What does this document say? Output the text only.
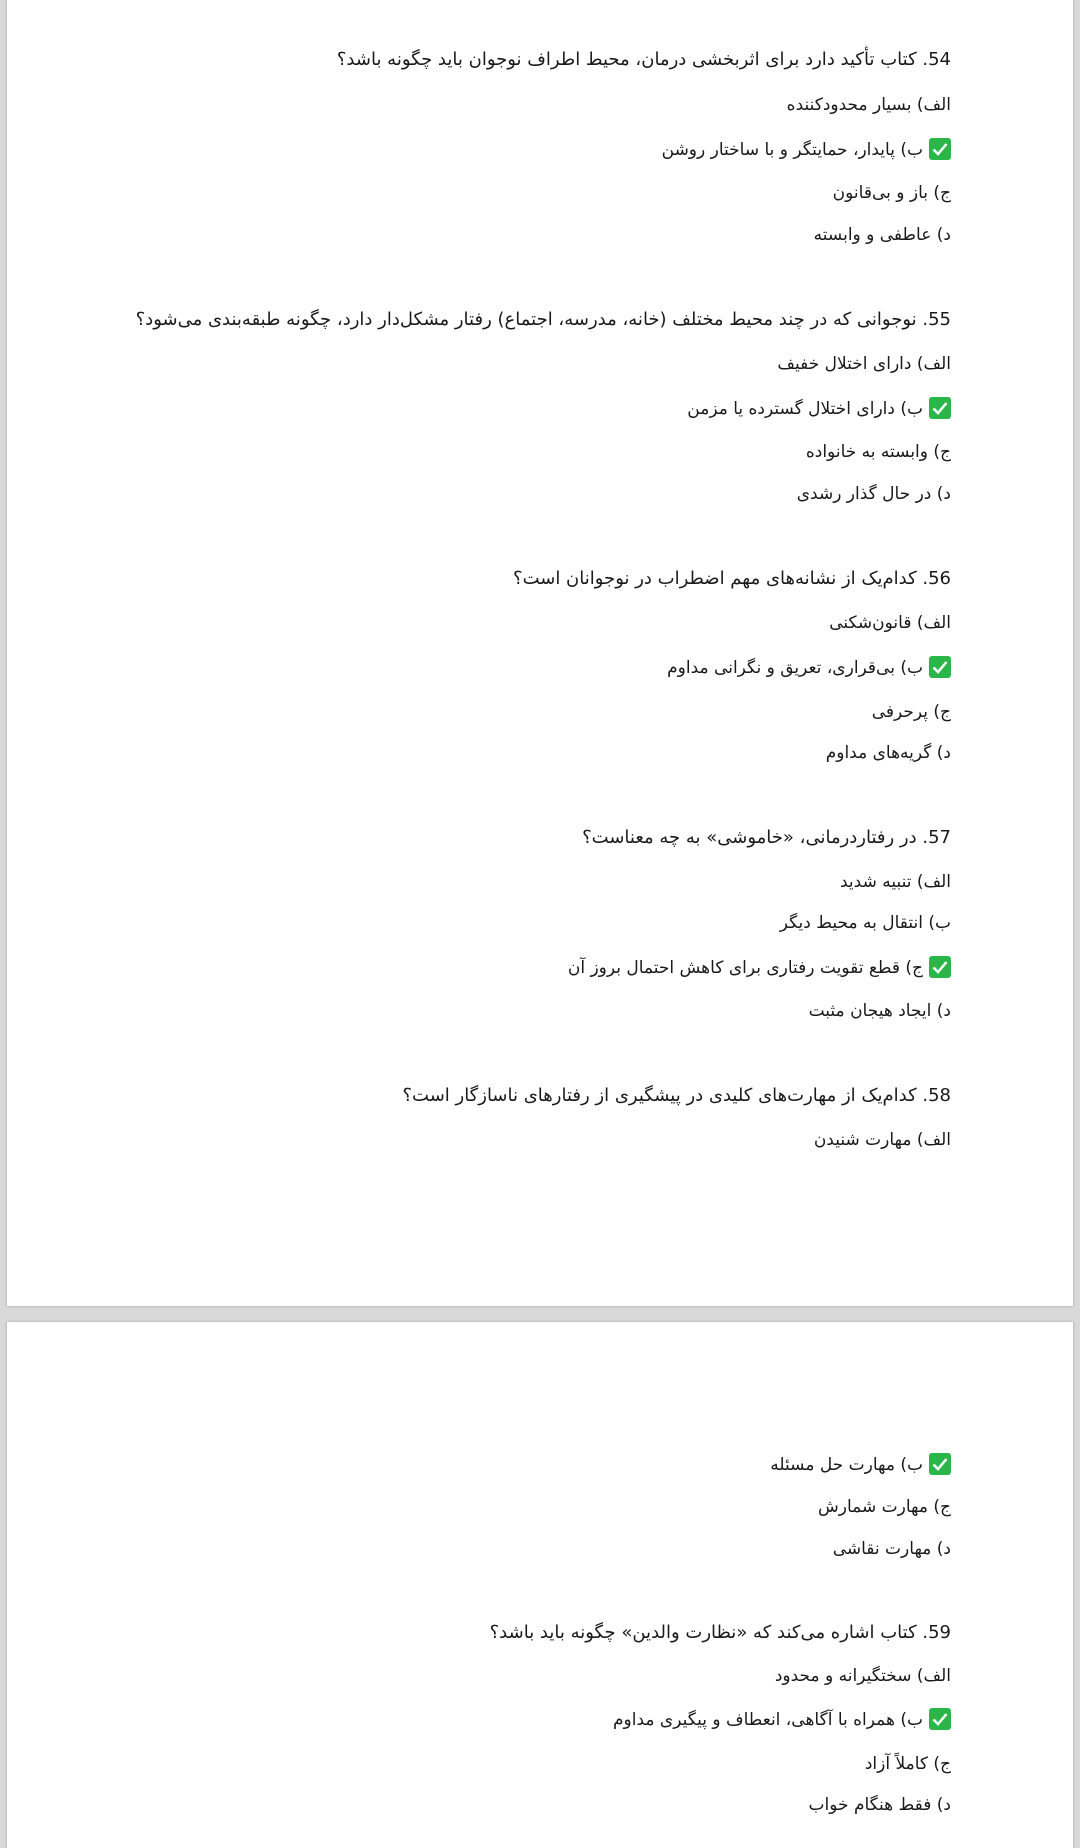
54. کتاب تأکید دارد برای اثربخشی درمان، محیط اطراف نوجوان باید چگونه باشد؟
الف) بسیار محدودکننده
ب) پایدار، حمایتگر و با ساختار روشن
ج) باز و بی‌قانون
د) عاطفی و وابسته
55. نوجوانی که در چند محیط مختلف (خانه، مدرسه، اجتماع) رفتار مشکل‌دار دارد، چگونه طبقه‌بندی می‌شود؟
الف) دارای اختلال خفیف
ب) دارای اختلال گسترده یا مزمن
ج) وابسته به خانواده
د) در حال گذار رشدی
56. کدام‌یک از نشانه‌های مهم اضطراب در نوجوانان است؟
الف) قانون‌شکنی
ب) بی‌قراری، تعریق و نگرانی مداوم
ج) پرحرفی
د) گریه‌های مداوم
57. در رفتاردرمانی، «خاموشی» به چه معناست؟
الف) تنبیه شدید
ب) انتقال به محیط دیگر
ج) قطع تقویت رفتاری برای کاهش احتمال بروز آن
د) ایجاد هیجان مثبت
58. کدام‌یک از مهارت‌های کلیدی در پیشگیری از رفتارهای ناسازگار است؟
الف) مهارت شنیدن
ب) مهارت حل مسئله
ج) مهارت شمارش
د) مهارت نقاشی
59. کتاب اشاره می‌کند که «نظارت والدین» چگونه باید باشد؟
الف) سختگیرانه و محدود
ب) همراه با آگاهی، انعطاف و پیگیری مداوم
ج) کاملاً آزاد
د) فقط هنگام خواب
